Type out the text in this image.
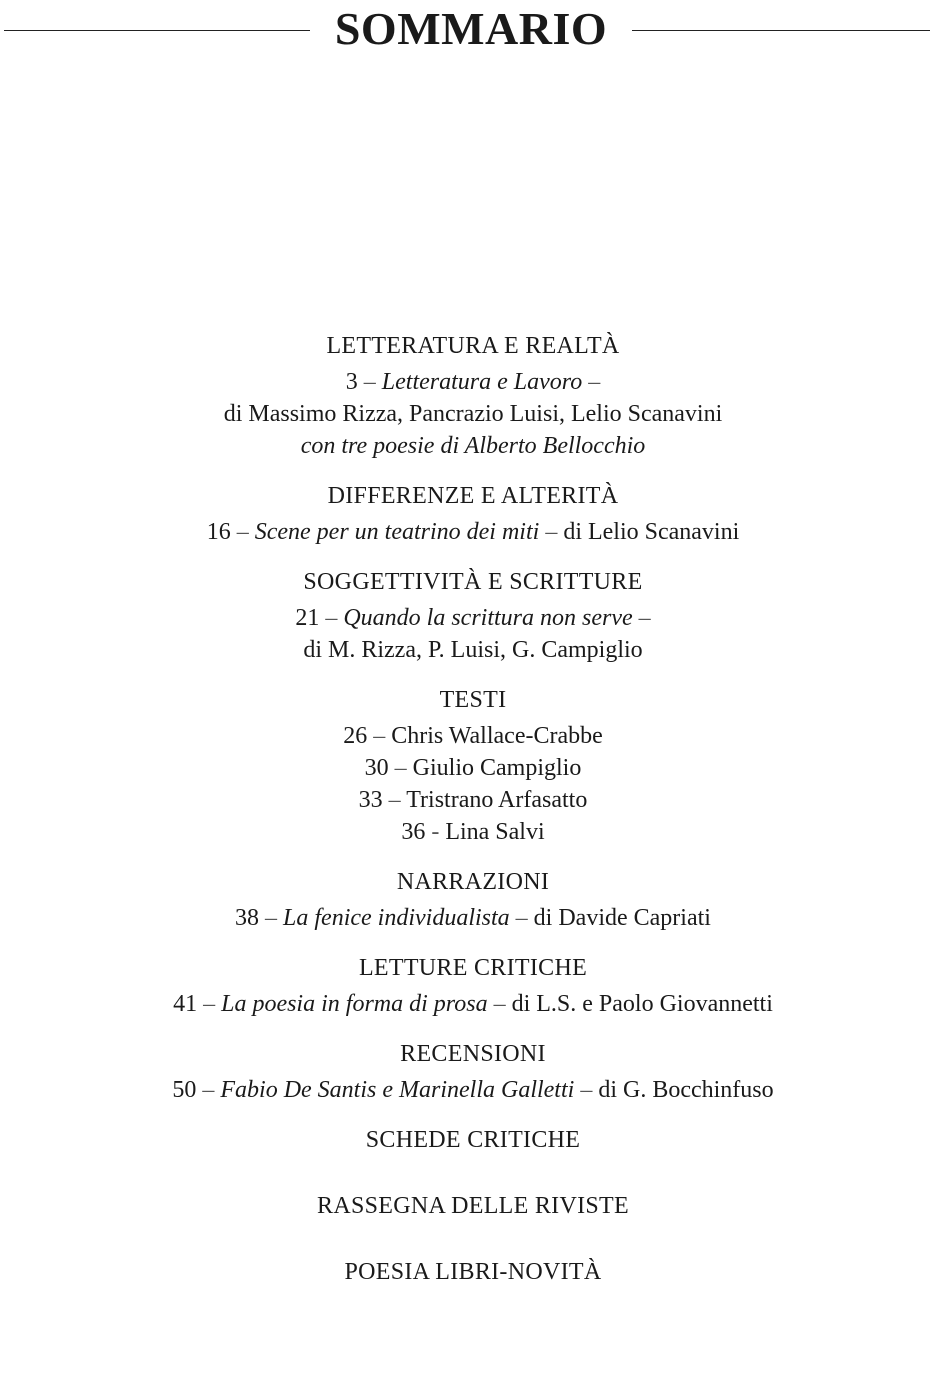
SOMMARIO
LETTERATURA E REALTÀ
3 – Letteratura e Lavoro –
di Massimo Rizza, Pancrazio Luisi, Lelio Scanavini
con tre poesie di Alberto Bellocchio
DIFFERENZE E ALTERITÀ
16 – Scene per un teatrino dei miti – di Lelio Scanavini
SOGGETTIVITÀ E SCRITTURE
21 – Quando la scrittura non serve –
di M. Rizza, P. Luisi, G. Campiglio
TESTI
26 – Chris Wallace-Crabbe
30 – Giulio Campiglio
33 – Tristrano Arfasatto
36 - Lina Salvi
NARRAZIONI
38 – La fenice individualista – di Davide Capriati
LETTURE CRITICHE
41 – La poesia in forma di prosa – di L.S. e Paolo Giovannetti
RECENSIONI
50 – Fabio De Santis e Marinella Galletti – di G. Bocchinfuso
SCHEDE CRITICHE
RASSEGNA DELLE RIVISTE
POESIA LIBRI-NOVITÀ
